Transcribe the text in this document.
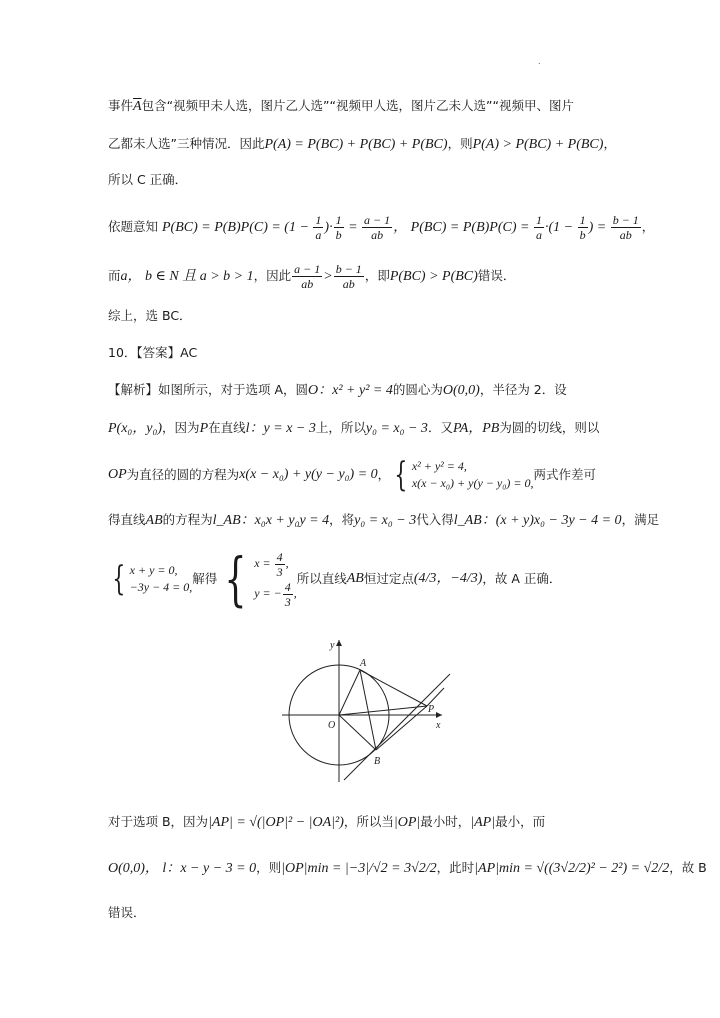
.
事件$\overline{A}$包含“视频甲未人选，图片乙人选”“视频甲人选，图片乙未人选”“视频甲、图片
乙都未人选”三种情况．因此P(A) = P(BC) + P(BC) + P(BC)，则P(A) > P(BC) + P(BC)，
所以 C 正确．
依题意知 $P(BC) = P(B)P(C) = (1 - \frac{1}{a}$ )· $\frac{1}{b} = \frac{a - 1}{ab}$ ， $P(BC) = P(B)P(C) = \frac{1}{a} \cdot(1 - \frac{1}{b}$ ) = $\frac{b - 1}{ab}$ ，
而a， b ∈ N 且 a > b > 1，因此 $\frac{a - 1}{ab} > \frac{b - 1}{ab}$ ，即P(BC) > P(BC)错误．
综上，选 BC．
10．【答案】AC
【解析】如图所示，对于选项 A，圆O：x² + y² = 4的圆心为O(0,0)，半径为 2．设
P(x₀，y₀)，因为P在直线l：y = x − 3上，所以y₀ = x₀ − 3．又PA，PB为圆的切线，则以
OP 为直径的圆的方程为 x(x − x₀) + y(y − y₀) = 0 ， { x² + y² = 4,
x(x − x₀) + y(y − y₀) = 0,
两式作差可
得直线AB的方程为l_AB：x₀x + y₀y = 4，将y₀ = x₀ − 3代入得l_AB：(x + y)x₀ − 3y − 4 = 0，满足
{ x + y = 0,
−3y − 4 = 0,
解得 { $x = \frac{4}{3}$ ,
y = − $\frac{4}{3}$ ,
所以直线 AB 恒过定点 (4/3，−4/3) ，故 A 正确．
y
x
O
A
B
P
对于选项 B，因为|AP| = √(|OP|² − |OA|²)，所以当|OP|最小时，|AP|最小，而
O(0,0)， l：x − y − 3 = 0，则|OP|min = |−3|/√2 = 3√2/2，此时|AP|min = √((3√2/2)² − 2²) = √2/2，故 B
错误．
